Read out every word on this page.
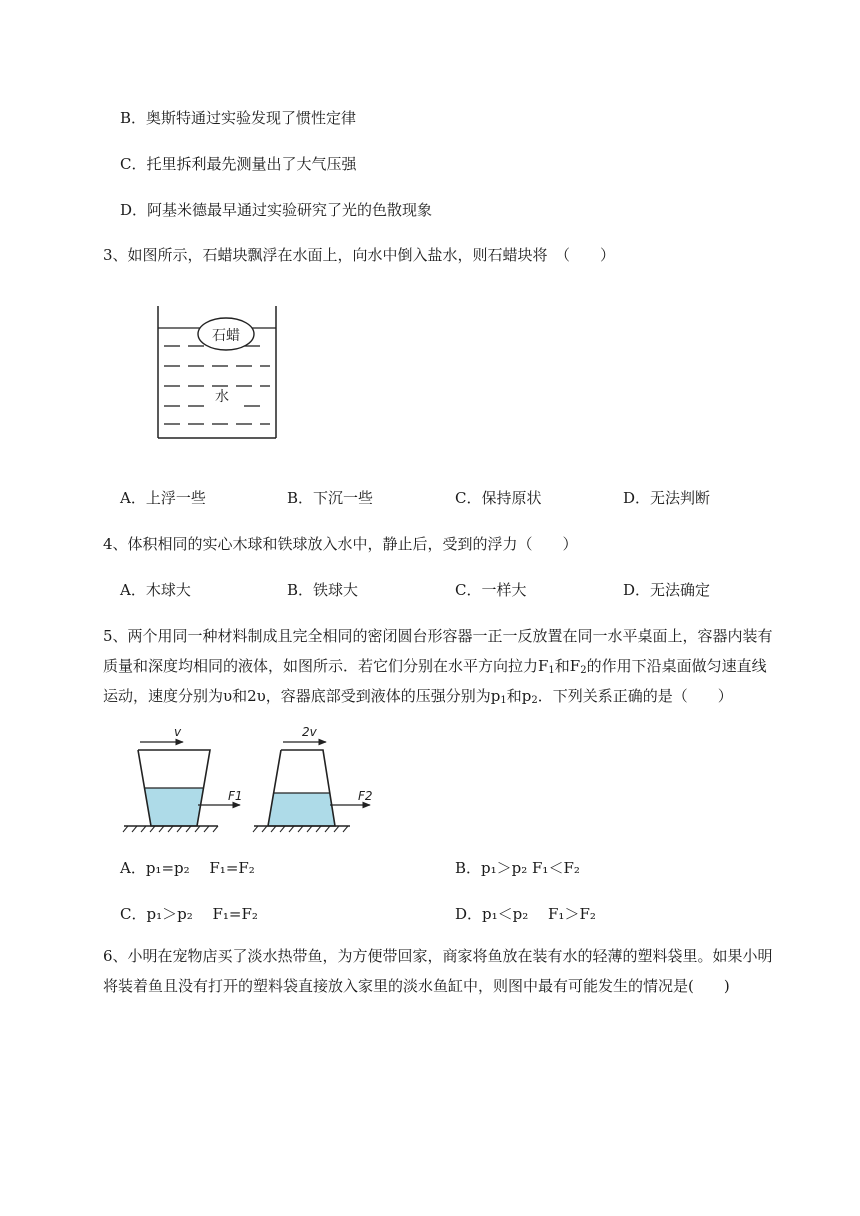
B．奥斯特通过实验发现了惯性定律
C．托里拆利最先测量出了大气压强
D．阿基米德最早通过实验研究了光的色散现象
3、如图所示，石蜡块飘浮在水面上，向水中倒入盐水，则石蜡块将　（　　）
石蜡
水
A．上浮一些	B．下沉一些	C．保持原状	D．无法判断
4、体积相同的实心木球和铁球放入水中，静止后，受到的浮力（　　）
A．木球大	B．铁球大	C．一样大	D．无法确定
5、两个用同一种材料制成且完全相同的密闭圆台形容器一正一反放置在同一水平桌面上，容器内装有
质量和深度均相同的液体，如图所示．若它们分别在水平方向拉力$F_1$和$F_2$的作用下沿桌面做匀速直线
运动，速度分别为υ和2υ，容器底部受到液体的压强分别为$p_1$和$p_2$．下列关系正确的是（　　）
v
F1
2v
F2
A．p₁=p₂　 F₁=F₂	B．p₁＞p₂ F₁＜F₂
C．p₁＞p₂　 F₁=F₂	D．p₁＜p₂　 F₁＞F₂
6、小明在宠物店买了淡水热带鱼，为方便带回家，商家将鱼放在装有水的轻薄的塑料袋里。如果小明
将装着鱼且没有打开的塑料袋直接放入家里的淡水鱼缸中，则图中最有可能发生的情况是(　　)
